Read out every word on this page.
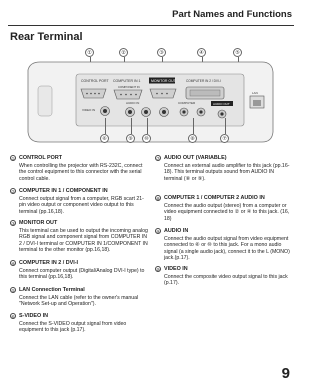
Part Names and Functions
Rear Terminal
①	②	③	④	⑤
CONTROL PORT COMPUTER IN 1
COMPONENT IN
MONITOR OUT	COMPUTER IN 2 / DVI-I
LAN
VIDEO IN
AUDIO IN	COMPUTER	AUDIO OUT
⑥	⑨	⑩	⑧	⑦
① CONTROL PORT
When controlling the projector with RS-232C, connect the control equipment to this connector with the serial control cable.
② COMPUTER IN 1 / COMPONENT IN
Connect output signal from a computer, RGB scart 21-pin video output or component video output to this terminal (pp.16,18).
③ MONITOR OUT
This terminal can be used to output the incoming analog RGB signal and component signal from COMPUTER IN 2 / DVI-I terminal or COMPUTER IN 1/COMPONENT IN terminal to the other monitor (pp.16,18).
④ COMPUTER IN 2 / DVI-I
Connect computer output (Digital/Analog DVI-I type) to this terminal (pp.16,18).
⑤ LAN Connection Terminal
Connect the LAN cable (refer to the owner's manual "Network Set-up and Operation").
⑥ S-VIDEO IN
Connect the S-VIDEO output signal from video equipment to this jack (p.17).
⑦ AUDIO OUT (VARIABLE)
Connect an external audio amplifier to this jack (pp.16-18). This terminal outputs sound from AUDIO IN terminal (⑧ or ⑨).
⑧ COMPUTER 1 / COMPUTER 2 AUDIO IN
Connect the audio output (stereo) from a computer or video equipment connected to ② or ④ to this jack. (16, 18)
⑨ AUDIO IN
Connect the audio output signal from video equipment connected to ⑥ or ⑩ to this jack. For a mono audio signal (a single audio jack), connect it to the L (MONO) jack.(p.17).
⑩ VIDEO IN
Connect the composite video output signal to this jack (p.17).
9
